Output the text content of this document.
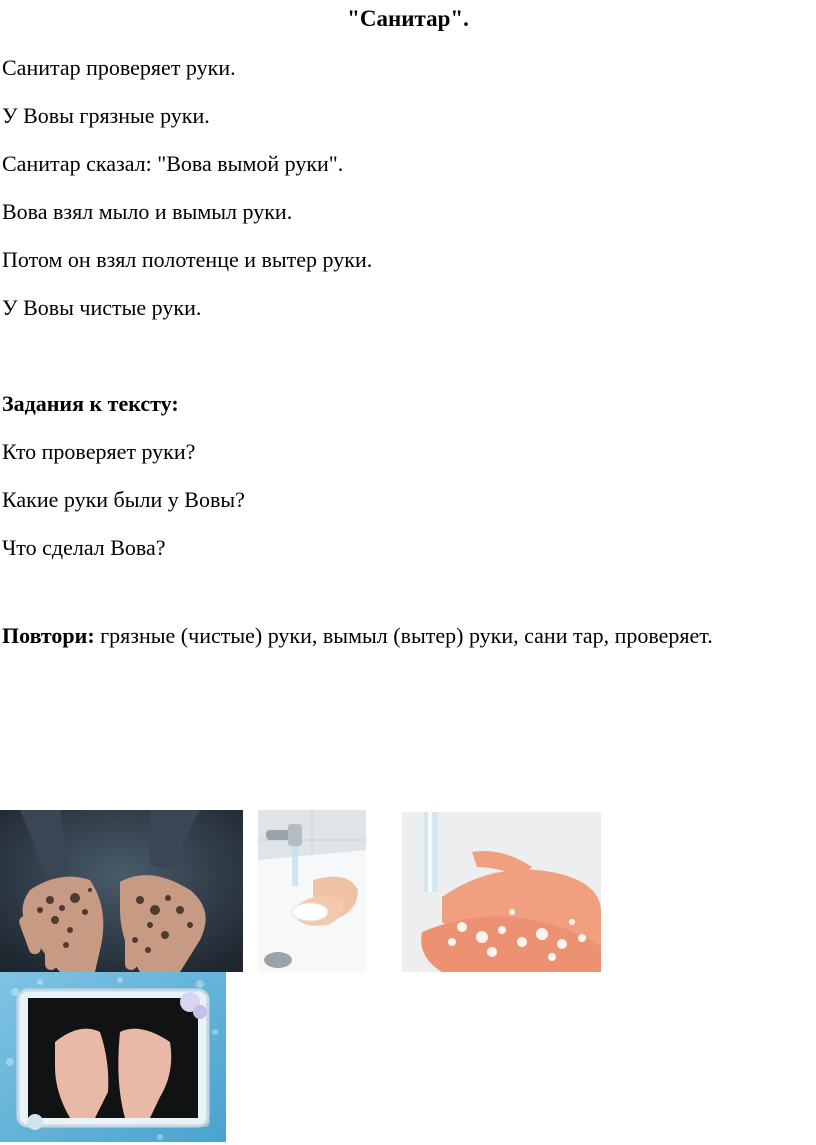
"Санитар".
Санитар проверяет руки.
У Вовы грязные руки.
Санитар сказал: "Вова вымой руки".
Вова взял мыло и вымыл руки.
Потом он взял полотенце и вытер руки.
У Вовы чистые руки.
Задания к тексту:
Кто проверяет руки?
Какие руки были у Вовы?
Что сделал Вова?
Повтори: грязные (чистые) руки, вымыл (вытер) руки, сани тар, проверяет.
